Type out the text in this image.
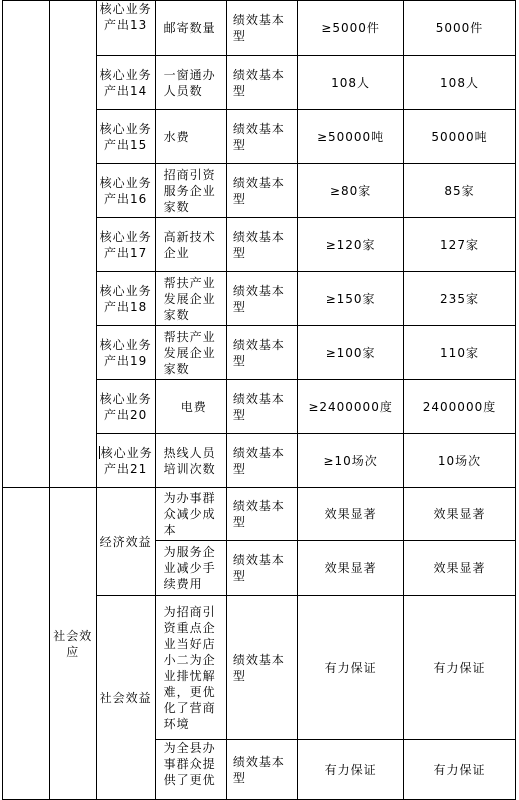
		核心业务产出13	邮寄数量	绩效基本型	≥5000件	5000件
		核心业务产出14	一窗通办人员数	绩效基本型	108人	108人
		核心业务产出15	水费	绩效基本型	≥50000吨	50000吨
		核心业务产出16	招商引资服务企业家数	绩效基本型	≥80家	85家
		核心业务产出17	高新技术企业	绩效基本型	≥120家	127家
		核心业务产出18	帮扶产业发展企业家数	绩效基本型	≥150家	235家
		核心业务产出19	帮扶产业发展企业家数	绩效基本型	≥100家	110家
		核心业务产出20	电费	绩效基本型	≥2400000度	2400000度
		核心业务产出21	热线人员培训次数	绩效基本型	≥10场次	10场次
	社会效应	经济效益	为办事群众减少成本	绩效基本型	效果显著	效果显著
			为服务企业减少手续费用	绩效基本型	效果显著	效果显著
		社会效益	为招商引资重点企业当好店小二为企业排忧解难，更优化了营商环境	绩效基本型	有力保证	有力保证
			为全县办事群众提供了更优	绩效基本型	有力保证	有力保证
